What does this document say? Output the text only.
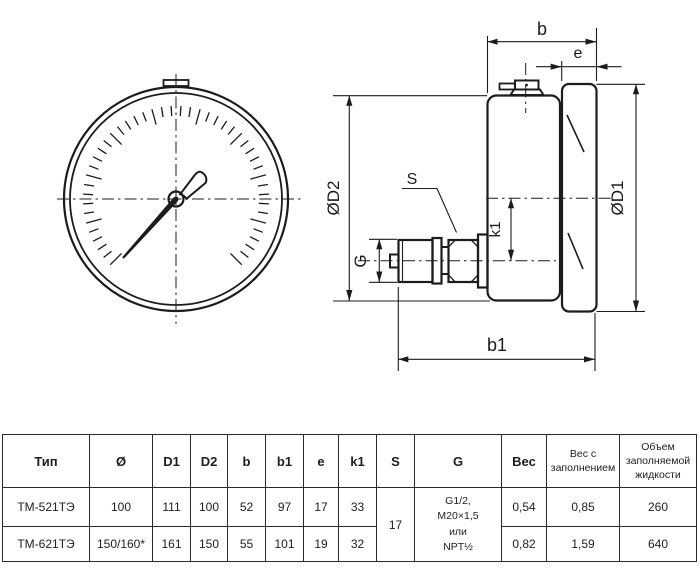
b
e
ØD2	ØD1
k1
G
S
b1
Тип	Ø	D1	D2	b	b1	e	k1	S	G	Вес	Вес с заполнением	Объем заполняемой жидкости
ТМ-521ТЭ	100	111	100	52	97	17	33	17	G1/2,
М20×1,5
или
NPT½	0,54	0,85	260
ТМ-621ТЭ	150/160*	161	150	55	101	19	32			0,82	1,59	640
